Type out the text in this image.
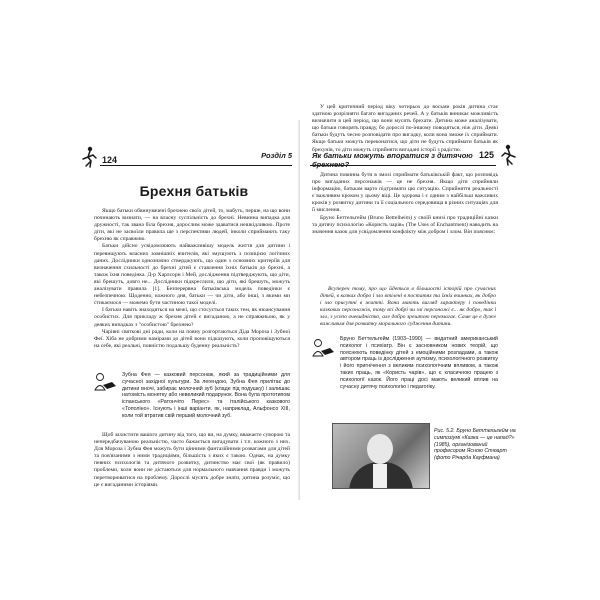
124	Розділ 5
Брехня батьків

Якщо батьки обвинувачені брехнею своїх дітей, то, мабуть, перше, на що вони починають визнати, — на власну суспільність до брехні. Невинна випадка для дружності, так звана біла брехня, дорослим може здаватися нешкідливою. Проте діти, які не засвоїли правила ще з перспективи людей, інколи сприймають таку брехню як справжню.

Батьки дійсно усвідомлюють найважливішу модель життя для дитини і перевищують власних зовнішніх вчителів, які змушують з позицією логічних даних. Дослідники однозначно стверджують, що один з основних критеріїв для визначення схильності до брехні дітей є ставлення їхніх батьків до брехні, а також їхня поведінка. Д-р Харлсорн і Мей, дослідження підтверджують, що діти, які брешуть, довго не... Дослідники підкреслили, що діти, які брешуть, можуть аналізувати правила [1]. Безперервна батьківська модель поведінки є небезпечною. Щоденно, кожного дня, батьки — чи діти, або інші, з якими ми стикаємося — можемо бути частиною такої моделі.

І батьки навіть знаходяться на межі, що стосується таких тем, як нюансування особистих. Для прикладу ж брехня дітей є вигаданою, а не справжньою, як у деяких випадках з "особистою" брехнею?

Чарівні святкові дні ради, коли на повну розгортаються Діда Мороза і Зубної Феї. Хіба не добрими намірами до дітей вони підказують, коли проповіщуються на себе, які реальні, повністю подальшу буденну реальність?

Зубна Фея — казковий персонаж, який за традиційними для сучасної західної культури. За легендою, Зубна Фея прилітає до дитини вночі, забирає молочний зуб (кладе під подушку) і залишає натомість монетку або невеликий подарунок. Вона була прототипом іспанського «Ратончіто Перес» та італійського казкового «Тополіно». Існують і інші варіанти, як, наприклад, Альфонсо XIII, коли той втратив свій перший молочний зуб.

Щоб захистити вашого дитину від того, що ви, на думку, вважаєте суворою та непередбачуваною реальністю, часто бажається вигадувати і т.п. кожного з них. Для Мороза і Зубна Фея можуть бути цінними фантазійними розвагами для дітей та пов'язаними з ними традиціями, більшість з яких є такою. Однак, на думку певних психологів та дитячого розвитку, дитинство має свої (як правило) проблеми, коли вони не дістаються для нормального навчання правди і можуть перетворюватися на проблему. Дорослі мусять добре знати, дитина розуміє, що це є вигаданими історіями.

Як батьки можуть впоратися з дитячою 125

У цей критичний період віку чотирьох до восьми років дитина стає здатною розрізняти багато вигаданих речей. А у батьків виникає можливість визначити в цей період, що вони мусять брехати. Дитина може аналізувати, що батьки говорять правду, бо дорослі по-іншому поводяться, ніж діти. Деякі батьки будуть чесно розповідати про вигадку, коли вона зможе їх сприймати. Якщо батьки можуть переконатися, що діти не будуть сприймати батьків як брехунів, то діти можуть сприйняти вигадані історії з радістю.

Дитина повинна бути в змозі сприймати батьківській факт, що розповідь про вигаданих персонажів — це не брехня. Якщо діти сприйняли інформацію, батькам варто підтримати цю ситуацію. Сприйняття реальності є важливим кроком у цьому віці. Це здорова і є одним з найбільш важливих кроків у розвитку дитини та її соціального середовища в різних ситуаціях для її мислення.

Бруно Беттельгейм (Bruno Bettelheim) у своїй книзі про традиційні казки та дитячу психологію «Користь чарів» (The Uses of Enchantment) наводить на значення казок для усвідомлення конфлікту між добром і злом. Він пояснює:

Всупереч тому, про що йдеться в більшості історій про сучасних дітей, в казках добро і зло втілені в постатях та їхніх вчинках, як добро і зло присутні в житті. Вони мають вигляд характеру і поведінки казкових персонажів, тому всі добрі чи злі персонажі є... як добро, так і зло, з усією очевидністю, але добро зрештою перемагає. Саме це є дуже важливим для розвитку морального судження дитини.

Бруно Беттельгейм (1903–1990) — видатний американський психолог і психіатр. Він є засновником нових теорій, що пояснюють поведінку дітей з емоційними розладами, а також автором праць із дослідження аутизму, психологічного розвитку і його пригнічення з великим психологічним впливом, а також таких праць, як «Користь чарів», що є класичною працею з психології казок. Його праці досі мають великий вплив на сучасну дитячу психологію і педагогіку.
Рис. 5.2. Бруно Беттельгейм на симпозіумі «Казка — це напад?» (1985), організований професором Ясною Стюарт (фото Річарда Кауфмана)
